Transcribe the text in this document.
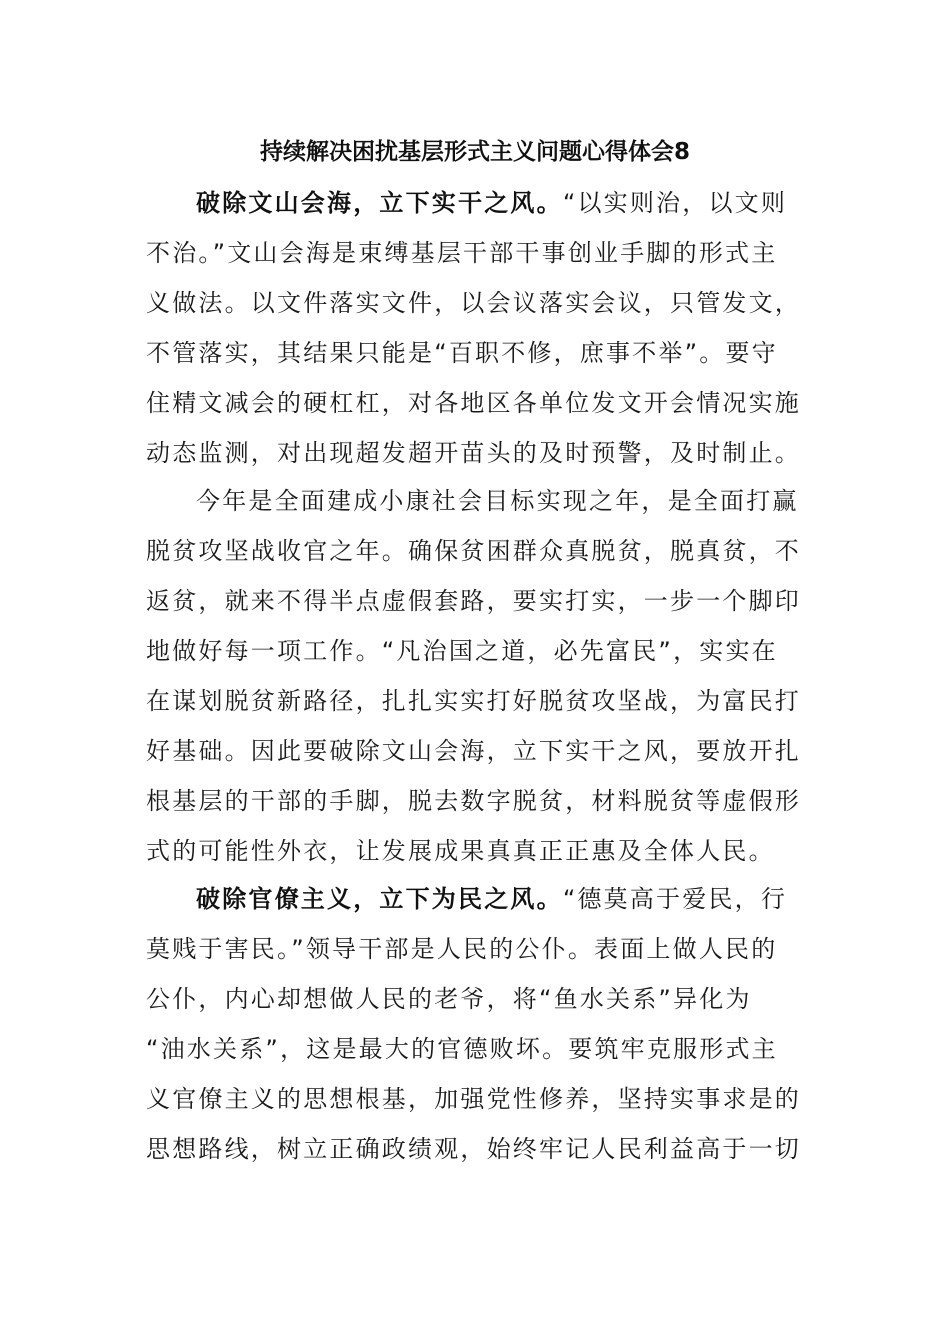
持续解决困扰基层形式主义问题心得体会8
破除文山会海，立下实干之风。“以实则治，以文则
不治。”文山会海是束缚基层干部干事创业手脚的形式主
义做法。以文件落实文件，以会议落实会议，只管发文，
不管落实，其结果只能是“百职不修，庶事不举”。要守
住精文减会的硬杠杠，对各地区各单位发文开会情况实施
动态监测，对出现超发超开苗头的及时预警，及时制止。
今年是全面建成小康社会目标实现之年，是全面打赢
脱贫攻坚战收官之年。确保贫困群众真脱贫，脱真贫，不
返贫，就来不得半点虚假套路，要实打实，一步一个脚印
地做好每一项工作。“凡治国之道，必先富民”，实实在
在谋划脱贫新路径，扎扎实实打好脱贫攻坚战，为富民打
好基础。因此要破除文山会海，立下实干之风，要放开扎
根基层的干部的手脚，脱去数字脱贫，材料脱贫等虚假形
式的可能性外衣，让发展成果真真正正惠及全体人民。
破除官僚主义，立下为民之风。“德莫高于爱民，行
莫贱于害民。”领导干部是人民的公仆。表面上做人民的
公仆，内心却想做人民的老爷，将“鱼水关系”异化为
“油水关系”，这是最大的官德败坏。要筑牢克服形式主
义官僚主义的思想根基，加强党性修养，坚持实事求是的
思想路线，树立正确政绩观，始终牢记人民利益高于一切
